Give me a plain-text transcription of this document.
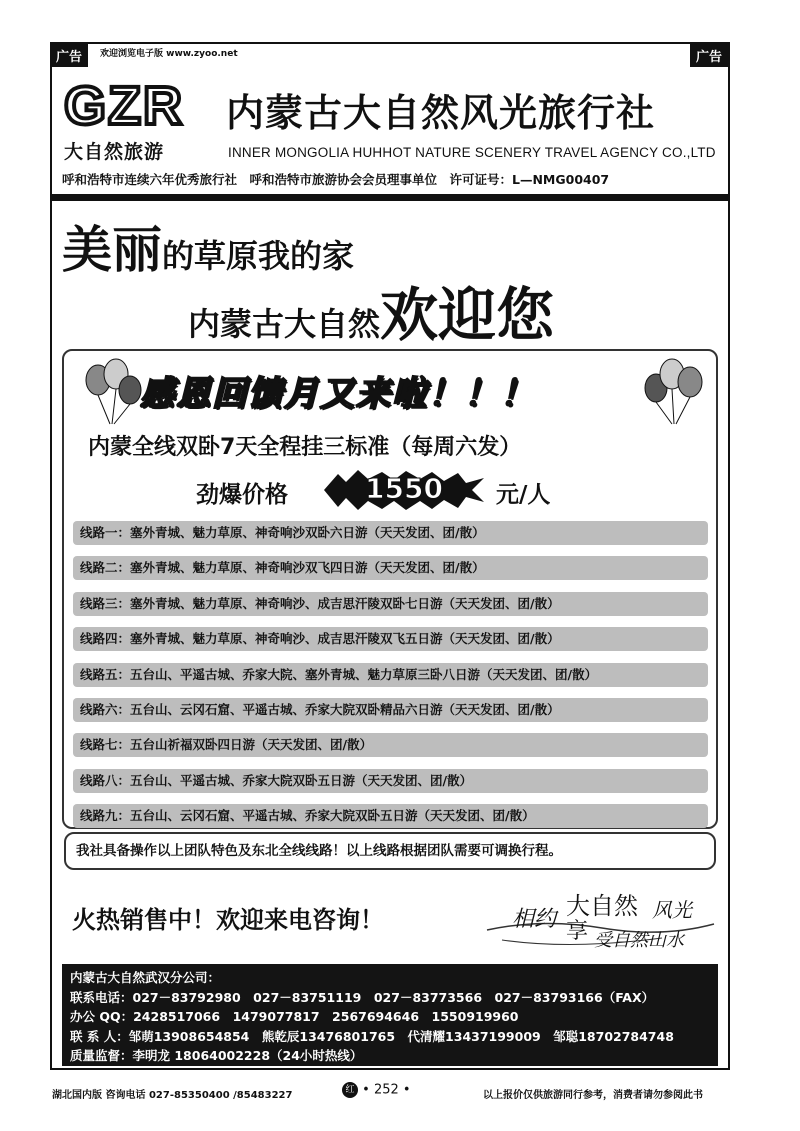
广告	欢迎浏览电子版 www.zyoo.net	广告
GZR
大自然旅游
内蒙古大自然风光旅行社
INNER MONGOLIA HUHHOT NATURE SCENERY TRAVEL AGENCY CO.,LTD
呼和浩特市连续六年优秀旅行社　呼和浩特市旅游协会会员理事单位　许可证号：L—NMG00407
美丽的草原我的家
内蒙古大自然欢迎您
感恩回馈月又来啦！！！
内蒙全线双卧7天全程挂三标准（每周六发）
劲爆价格	1550	元/人
线路一：塞外青城、魅力草原、神奇响沙双卧六日游（天天发团、团/散）
线路二：塞外青城、魅力草原、神奇响沙双飞四日游（天天发团、团/散）
线路三：塞外青城、魅力草原、神奇响沙、成吉思汗陵双卧七日游（天天发团、团/散）
线路四：塞外青城、魅力草原、神奇响沙、成吉思汗陵双飞五日游（天天发团、团/散）
线路五：五台山、平遥古城、乔家大院、塞外青城、魅力草原三卧八日游（天天发团、团/散）
线路六：五台山、云冈石窟、平遥古城、乔家大院双卧精品六日游（天天发团、团/散）
线路七：五台山祈福双卧四日游（天天发团、团/散）
线路八：五台山、平遥古城、乔家大院双卧五日游（天天发团、团/散）
线路九：五台山、云冈石窟、平遥古城、乔家大院双卧五日游（天天发团、团/散）
我社具备操作以上团队特色及东北全线线路！以上线路根据团队需要可调换行程。
火热销售中！欢迎来电咨询！	相约 大自然 风光
享 受自然山水
内蒙古大自然武汉分公司：
联系电话：027－83792980　027－83751119　027－83773566　027－83793166（FAX）
办公 QQ：2428517066　1479077817　2567694646　1550919960
联 系 人：邹萌13908654854　熊乾辰13476801765　代清耀13437199009　邹聪18702784748
质量监督：李明龙 18064002228（24小时热线）
湖北国内版 咨询电话 027-85350400 /85483227	红 • 252 •	以上报价仅供旅游同行参考，消费者请勿参阅此书
